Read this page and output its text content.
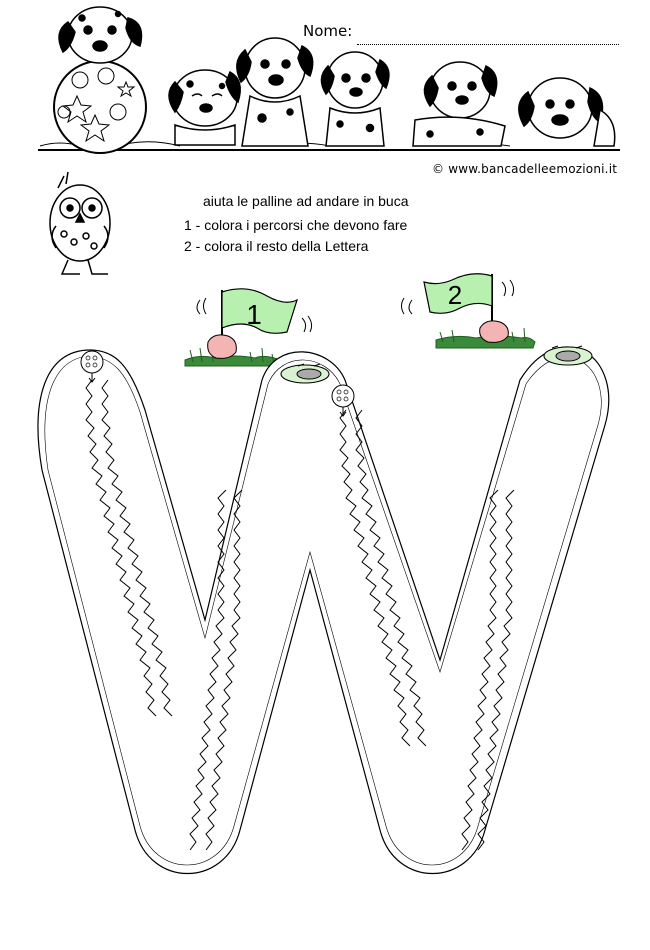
Nome:
© www.bancadelleemozioni.it
aiuta le palline ad andare in buca
1 - colora i percorsi che devono fare
2 - colora il resto della Lettera
1
2
